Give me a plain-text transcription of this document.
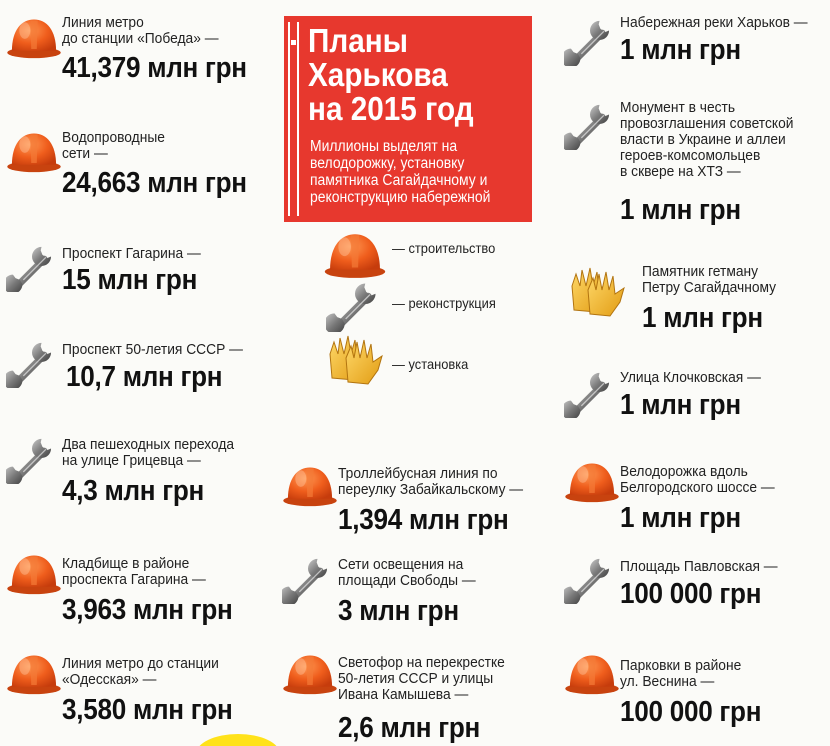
Планы
Харькова
на 2015 год
Миллионы выделят на
велодорожку, установку
памятника Сагайдачному и
реконструкцию набережной
— строительство
— реконструкция
— установка
Линия метро
до станции «Победа» —
41,379 млн грн
Водопроводные
сети —
24,663 млн грн
Проспект Гагарина —
15 млн грн
Проспект 50-летия СССР —
10,7 млн грн
Два пешеходных перехода
на улице Грицевца —
4,3 млн грн
Кладбище в районе
проспекта Гагарина —
3,963 млн грн
Линия метро до станции
«Одесская» —
3,580 млн грн
Троллейбусная линия по
переулку Забайкальскому —
1,394 млн грн
Сети освещения на
площади Свободы —
3 млн грн
Светофор на перекрестке
50-летия СССР и улицы
Ивана Камышева —
2,6 млн грн
Набережная реки Харьков —
1 млн грн
Монумент в честь
провозглашения советской
власти в Украине и аллеи
героев-комсомольцев
в сквере на ХТЗ —
1 млн грн
Памятник гетману
Петру Сагайдачному
1 млн грн
Улица Клочковская —
1 млн грн
Велодорожка вдоль
Белгородского шоссе —
1 млн грн
Площадь Павловская —
100 000 грн
Парковки в районе
ул. Веснина —
100 000 грн
